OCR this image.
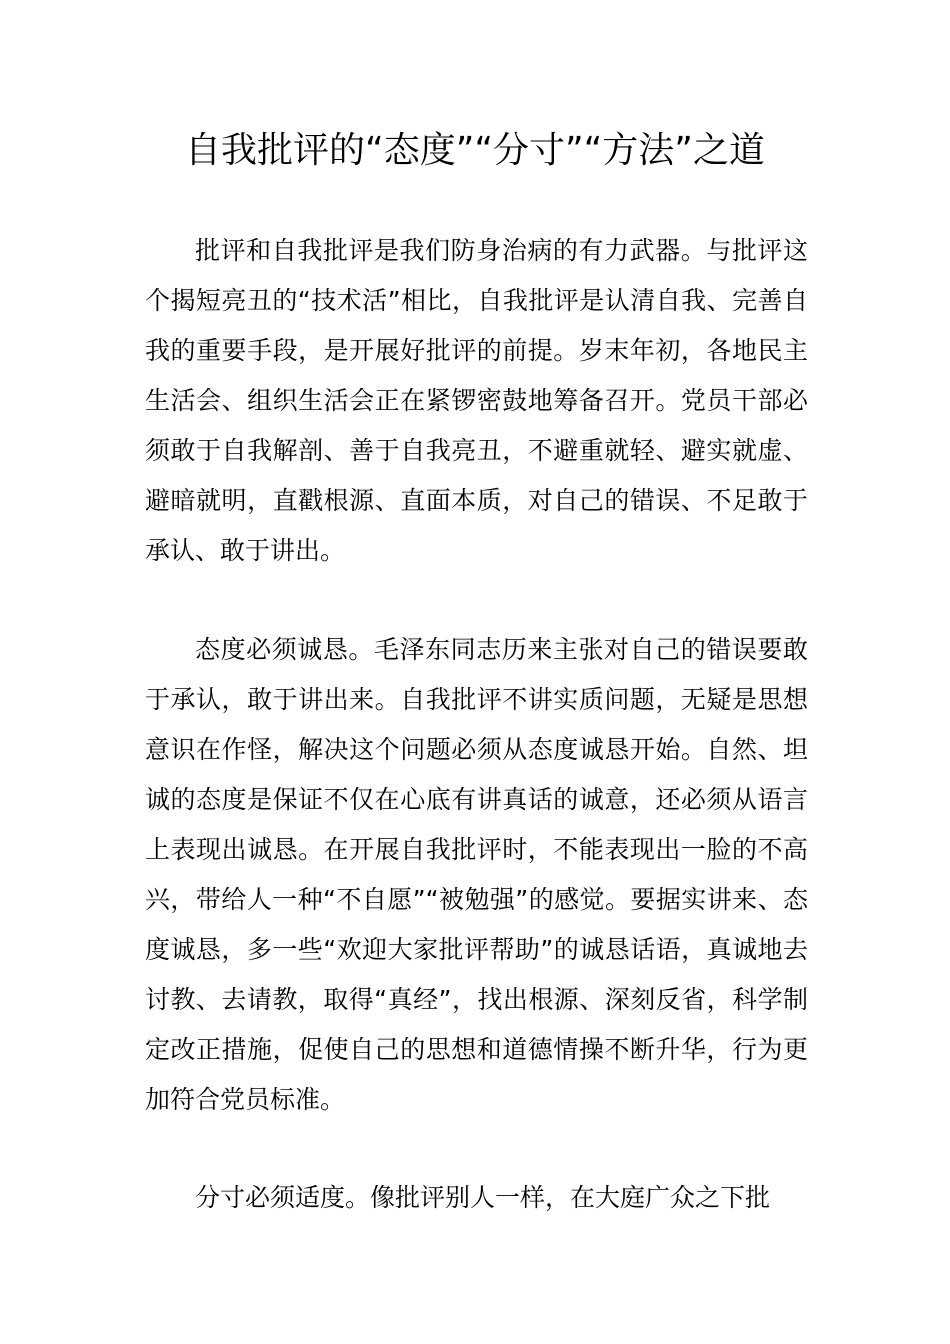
自我批评的“态度”“分寸”“方法”之道

批评和自我批评是我们防身治病的有力武器。与批评这个揭短亮丑的“技术活”相比，自我批评是认清自我、完善自我的重要手段，是开展好批评的前提。岁末年初，各地民主生活会、组织生活会正在紧锣密鼓地筹备召开。党员干部必须敢于自我解剖、善于自我亮丑，不避重就轻、避实就虚、避暗就明，直戳根源、直面本质，对自己的错误、不足敢于承认、敢于讲出。

态度必须诚恳。毛泽东同志历来主张对自己的错误要敢于承认，敢于讲出来。自我批评不讲实质问题，无疑是思想意识在作怪，解决这个问题必须从态度诚恳开始。自然、坦诚的态度是保证不仅在心底有讲真话的诚意，还必须从语言上表现出诚恳。在开展自我批评时，不能表现出一脸的不高兴，带给人一种“不自愿”“被勉强”的感觉。要据实讲来、态度诚恳，多一些“欢迎大家批评帮助”的诚恳话语，真诚地去讨教、去请教，取得“真经”，找出根源、深刻反省，科学制定改正措施，促使自己的思想和道德情操不断升华，行为更加符合党员标准。

分寸必须适度。像批评别人一样，在大庭广众之下批
